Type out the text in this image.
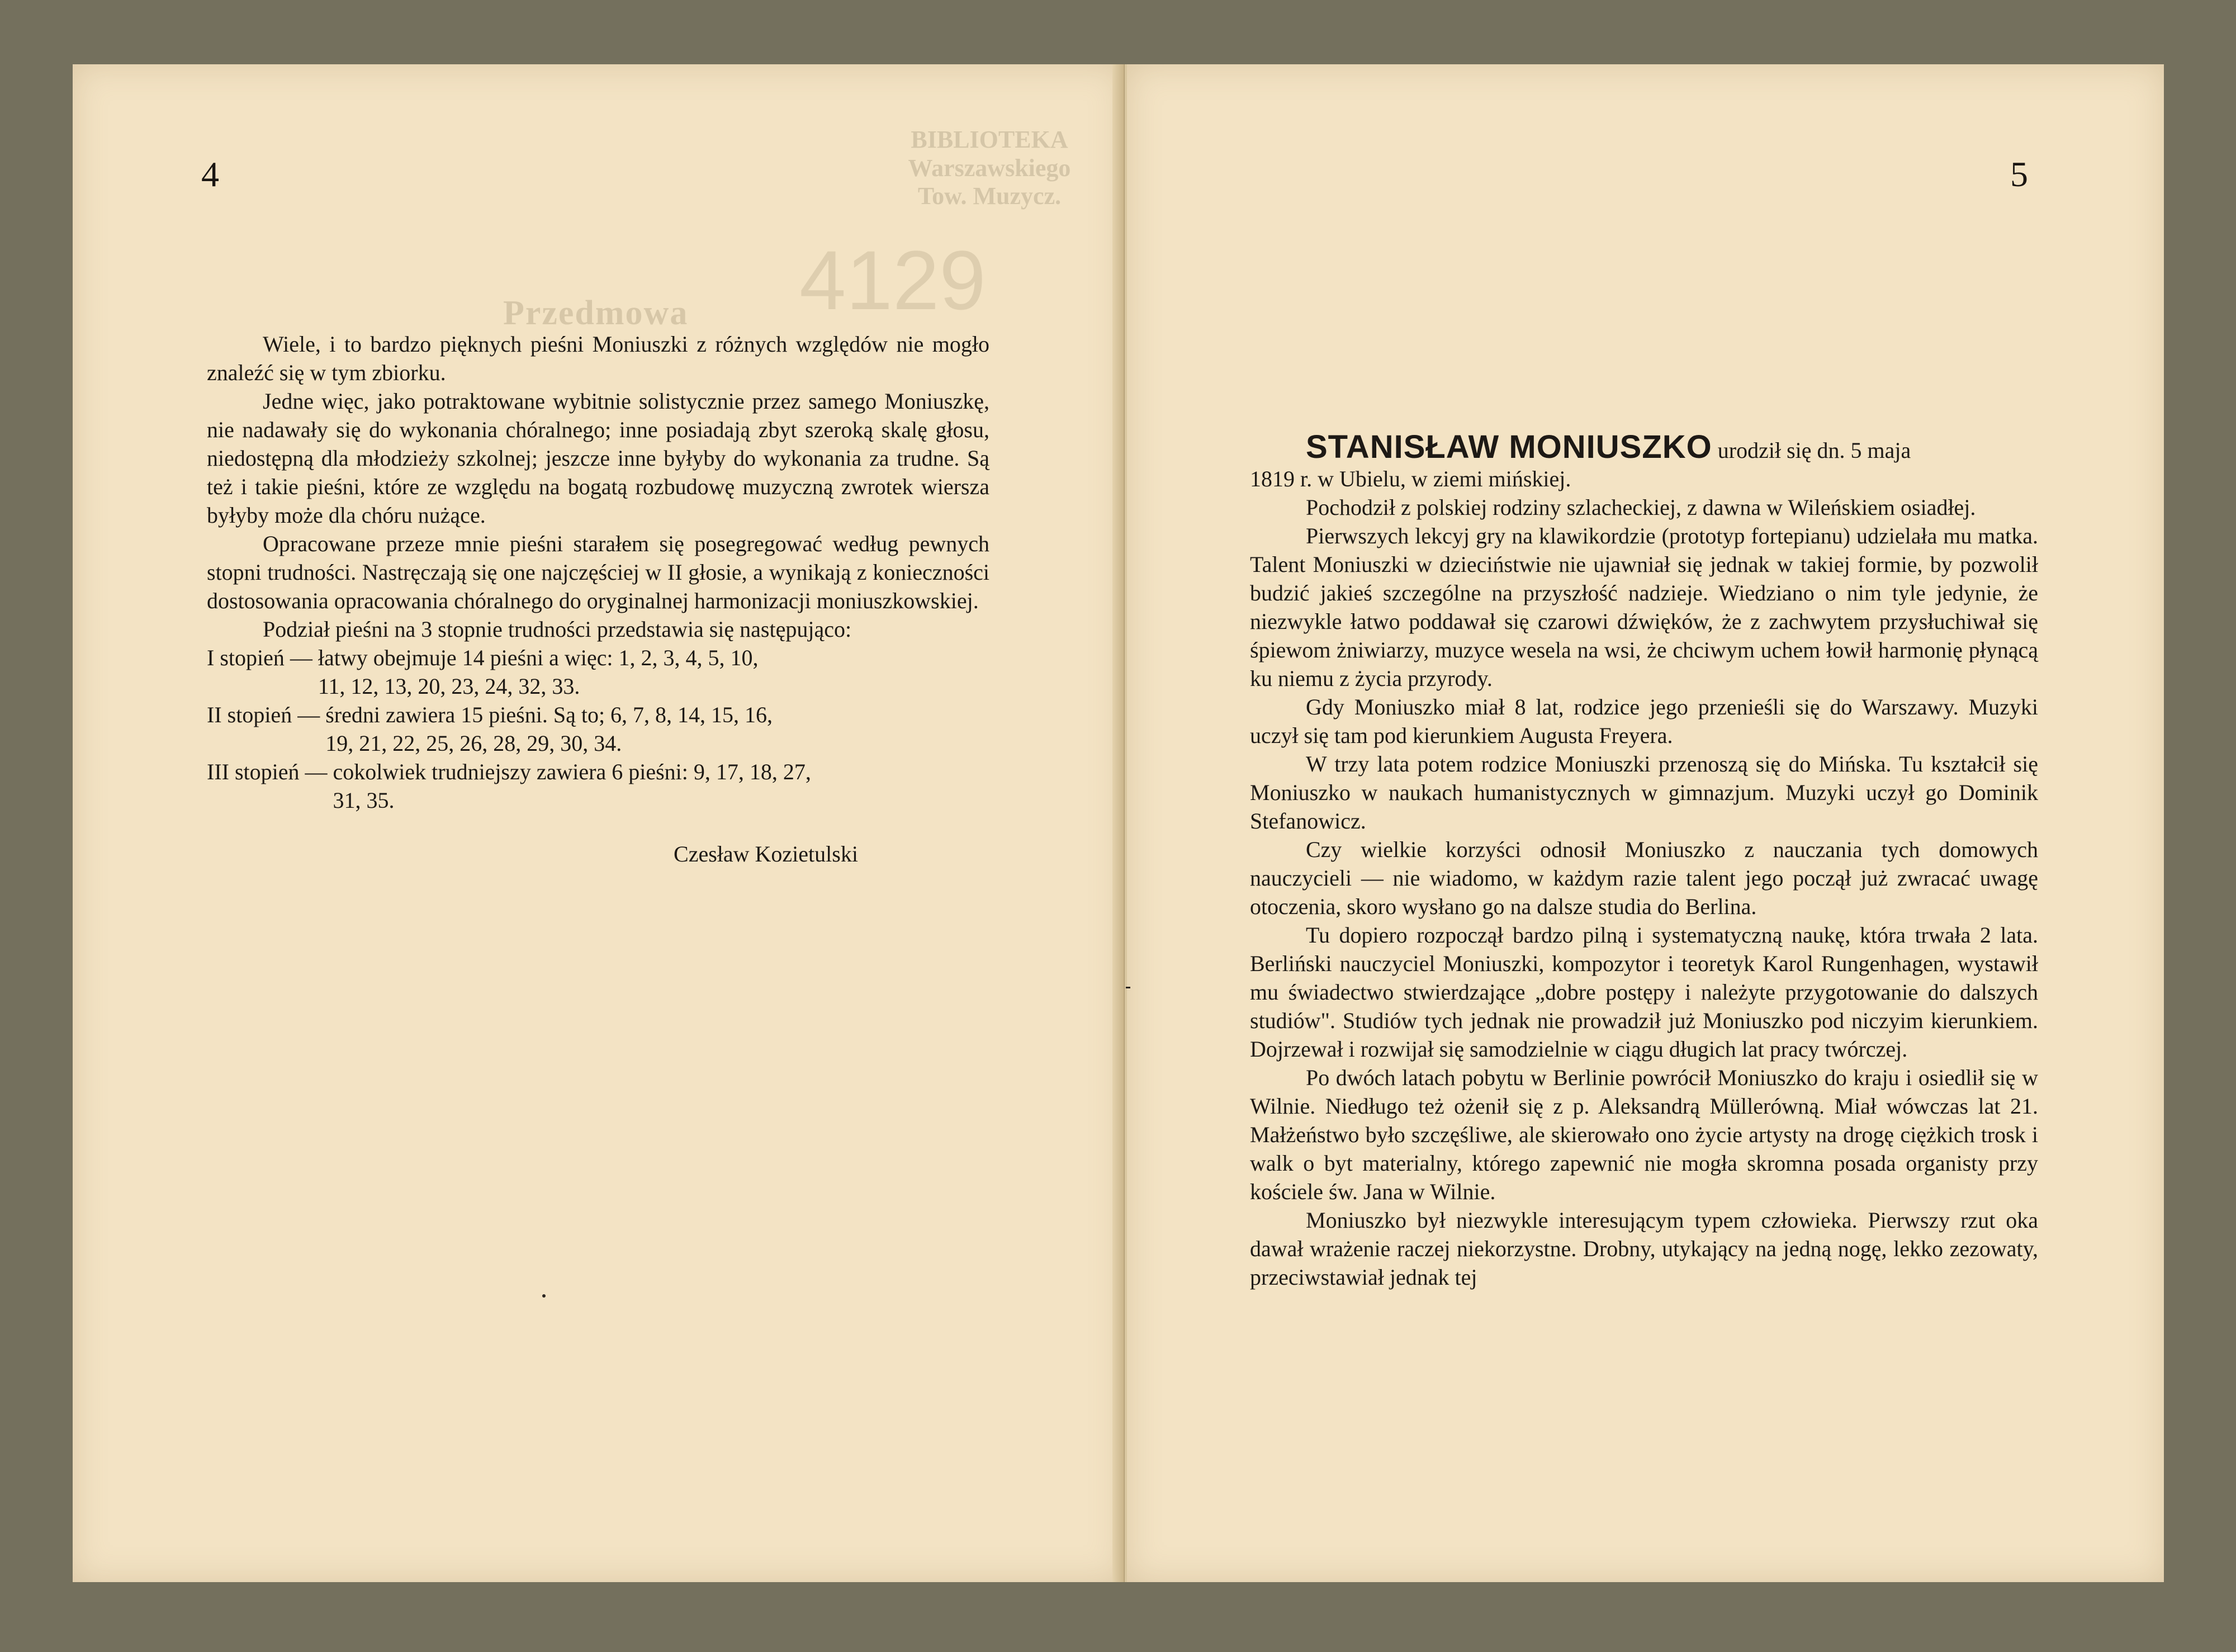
4
BIBLIOTEKA
Warszawskiego
Tow. Muzycz.
4129
Przedmowa

Wiele, i to bardzo pięknych pieśni Moniuszki z różnych względów nie mogło znaleźć się w tym zbiorku.

Jedne więc, jako potraktowane wybitnie solistycznie przez samego Moniuszkę, nie nadawały się do wykonania chóralnego; inne posiadają zbyt szeroką skalę głosu, niedostępną dla młodzieży szkolnej; jeszcze inne byłyby do wykonania za trudne. Są też i takie pieśni, które ze względu na bogatą rozbudowę muzyczną zwrotek wiersza byłyby może dla chóru nużące.

Opracowane przeze mnie pieśni starałem się posegregować według pewnych stopni trudności. Nastręczają się one najczęściej w II głosie, a wynikają z konieczności dostosowania opracowania chóralnego do oryginalnej harmonizacji moniuszkowskiej.

Podział pieśni na 3 stopnie trudności przedstawia się następująco:

I stopień — łatwy obejmuje 14 pieśni a więc: 1, 2, 3, 4, 5, 10,
11, 12, 13, 20, 23, 24, 32, 33.
II stopień — średni zawiera 15 pieśni. Są to; 6, 7, 8, 14, 15, 16,
19, 21, 22, 25, 26, 28, 29, 30, 34.
III stopień — cokolwiek trudniejszy zawiera 6 pieśni: 9, 17, 18, 27,
31, 35.
Czesław Kozietulski
5

STANISŁAW MONIUSZKO urodził się dn. 5 maja

1819 r. w Ubielu, w ziemi mińskiej.

Pochodził z polskiej rodziny szlacheckiej, z dawna w Wileńskiem osiadłej.

Pierwszych lekcyj gry na klawikordzie (prototyp fortepianu) udzielała mu matka. Talent Moniuszki w dzieciństwie nie ujawniał się jednak w takiej formie, by pozwolił budzić jakieś szczególne na przyszłość nadzieje. Wiedziano o nim tyle jedynie, że niezwykle łatwo poddawał się czarowi dźwięków, że z zachwytem przysłuchiwał się śpiewom żniwiarzy, muzyce wesela na wsi, że chciwym uchem łowił harmonię płynącą ku niemu z życia przyrody.

Gdy Moniuszko miał 8 lat, rodzice jego przenieśli się do Warszawy. Muzyki uczył się tam pod kierunkiem Augusta Freyera.

W trzy lata potem rodzice Moniuszki przenoszą się do Mińska. Tu kształcił się Moniuszko w naukach humanistycznych w gimnazjum. Muzyki uczył go Dominik Stefanowicz.

Czy wielkie korzyści odnosił Moniuszko z nauczania tych domowych nauczycieli — nie wiadomo, w każdym razie talent jego począł już zwracać uwagę otoczenia, skoro wysłano go na dalsze studia do Berlina.

Tu dopiero rozpoczął bardzo pilną i systematyczną naukę, która trwała 2 lata. Berliński nauczyciel Moniuszki, kompozytor i teoretyk Karol Rungenhagen, wystawił mu świadectwo stwierdzające „dobre postępy i należyte przygotowanie do dalszych studiów". Studiów tych jednak nie prowadził już Moniuszko pod niczyim kierunkiem. Dojrzewał i rozwijał się samodzielnie w ciągu długich lat pracy twórczej.

Po dwóch latach pobytu w Berlinie powrócił Moniuszko do kraju i osiedlił się w Wilnie. Niedługo też ożenił się z p. Aleksandrą Müllerówną. Miał wówczas lat 21. Małżeństwo było szczęśliwe, ale skierowało ono życie artysty na drogę ciężkich trosk i walk o byt materialny, którego zapewnić nie mogła skromna posada organisty przy kościele św. Jana w Wilnie.

Moniuszko był niezwykle interesującym typem człowieka. Pierwszy rzut oka dawał wrażenie raczej niekorzystne. Drobny, utykający na jedną nogę, lekko zezowaty, przeciwstawiał jednak tej
